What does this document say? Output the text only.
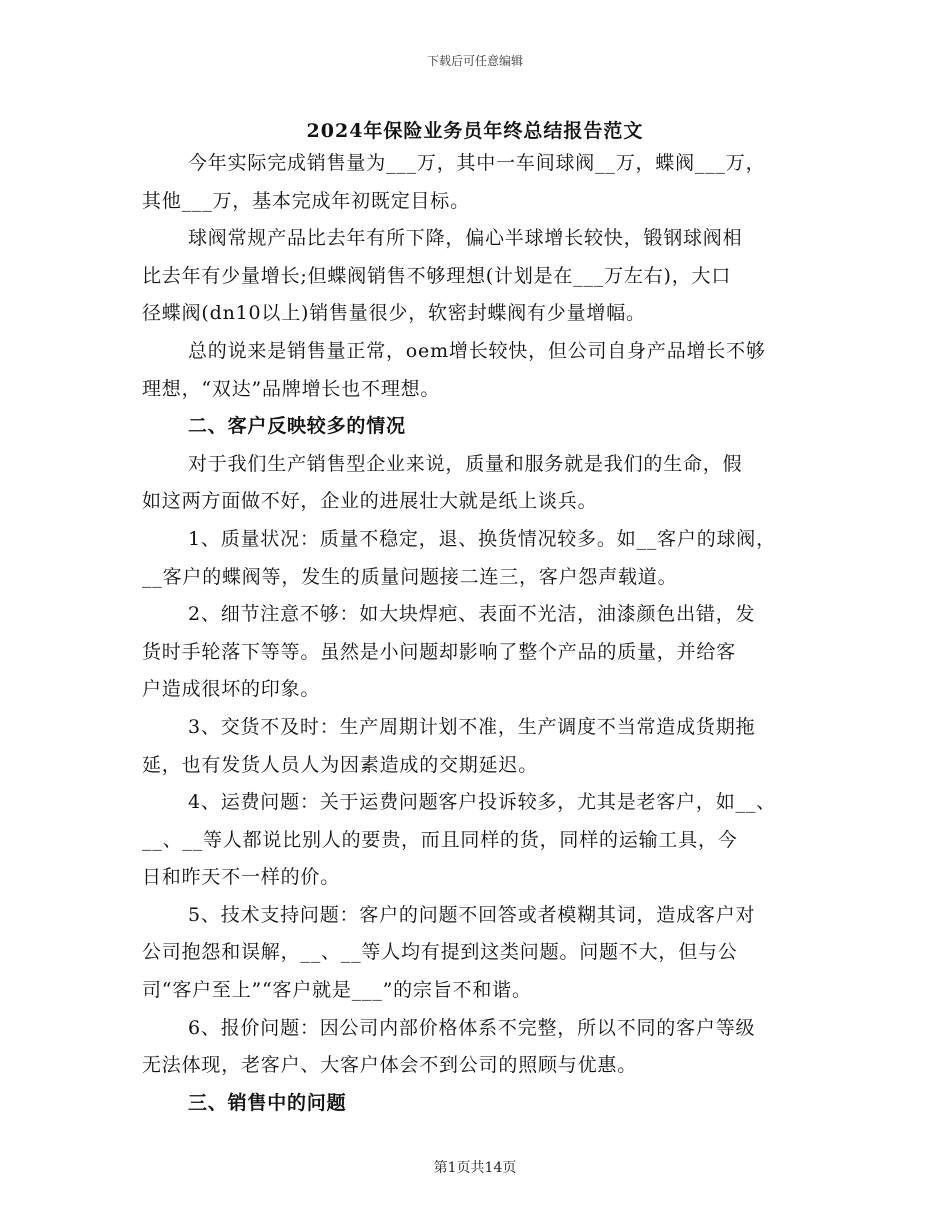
下载后可任意编辑
2024年保险业务员年终总结报告范文
今年实际完成销售量为___万，其中一车间球阀__万，蝶阀___万，
其他___万，基本完成年初既定目标。
球阀常规产品比去年有所下降，偏心半球增长较快，锻钢球阀相
比去年有少量增长;但蝶阀销售不够理想(计划是在___万左右)，大口
径蝶阀(dn10以上)销售量很少，软密封蝶阀有少量增幅。
总的说来是销售量正常，oem增长较快，但公司自身产品增长不够
理想，“双达”品牌增长也不理想。
二、客户反映较多的情况
对于我们生产销售型企业来说，质量和服务就是我们的生命，假
如这两方面做不好，企业的进展壮大就是纸上谈兵。
1、质量状况：质量不稳定，退、换货情况较多。如__客户的球阀，
__客户的蝶阀等，发生的质量问题接二连三，客户怨声载道。
2、细节注意不够：如大块焊疤、表面不光洁，油漆颜色出错，发
货时手轮落下等等。虽然是小问题却影响了整个产品的质量，并给客
户造成很坏的印象。
3、交货不及时：生产周期计划不准，生产调度不当常造成货期拖
延，也有发货人员人为因素造成的交期延迟。
4、运费问题：关于运费问题客户投诉较多，尤其是老客户，如__、
__、__等人都说比别人的要贵，而且同样的货，同样的运输工具，今
日和昨天不一样的价。
5、技术支持问题：客户的问题不回答或者模糊其词，造成客户对
公司抱怨和误解，__、__等人均有提到这类问题。问题不大，但与公
司“客户至上”“客户就是___”的宗旨不和谐。
6、报价问题：因公司内部价格体系不完整，所以不同的客户等级
无法体现，老客户、大客户体会不到公司的照顾与优惠。
三、销售中的问题
第1页共14页
